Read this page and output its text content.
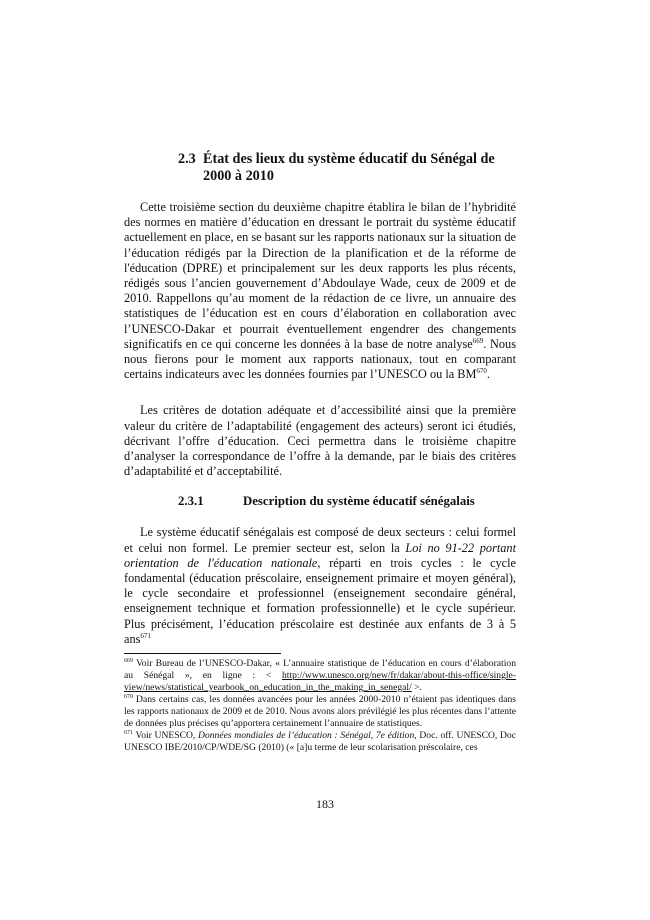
2.3 État des lieux du système éducatif du Sénégal de 2000 à 2010

Cette troisième section du deuxième chapitre établira le bilan de l’hybridité des normes en matière d’éducation en dressant le portrait du système éducatif actuellement en place, en se basant sur les rapports nationaux sur la situation de l’éducation rédigés par la Direction de la planification et de la réforme de l'éducation (DPRE) et principalement sur les deux rapports les plus récents, rédigés sous l’ancien gouvernement d’Abdoulaye Wade, ceux de 2009 et de 2010. Rappellons qu’au moment de la rédaction de ce livre, un annuaire des statistiques de l’éducation est en cours d’élaboration en collaboration avec l’UNESCO-Dakar et pourrait éventuellement engendrer des changements significatifs en ce qui concerne les données à la base de notre analyse$^{669}$. Nous nous fierons pour le moment aux rapports nationaux, tout en comparant certains indicateurs avec les données fournies par l’UNESCO ou la BM$^{670}$.

Les critères de dotation adéquate et d’accessibilité ainsi que la première valeur du critère de l’adaptabilité (engagement des acteurs) seront ici étudiés, décrivant l’offre d’éducation. Ceci permettra dans le troisième chapitre d’analyser la correspondance de l’offre à la demande, par le biais des critères d’adaptabilité et d’acceptabilité.

2.3.1	Description du système éducatif sénégalais

Le système éducatif sénégalais est composé de deux secteurs : celui formel et celui non formel. Le premier secteur est, selon la Loi no 91-22 portant orientation de l'éducation nationale, réparti en trois cycles : le cycle fondamental (éducation préscolaire, enseignement primaire et moyen général), le cycle secondaire et professionnel (enseignement secondaire général, enseignement technique et formation professionnelle) et le cycle supérieur. Plus précisément, l’éducation préscolaire est destinée aux enfants de 3 à 5 ans$^{671}$

$^{669}$ Voir Bureau de l’UNESCO-Dakar, « L’annuaire statistique de l’éducation en cours d’élaboration au Sénégal », en ligne : < http://www.unesco.org/new/fr/dakar/about-this-office/single-view/news/statistical_yearbook_on_education_in_the_making_in_senegal/ >.

$^{670}$ Dans certains cas, les données avancées pour les années 2000-2010 n’étaient pas identiques dans les rapports nationaux de 2009 et de 2010. Nous avons alors prévilégié les plus récentes dans l’attente de données plus précises qu’apportera certainement l’annuaire de statistiques.

$^{671}$ Voir UNESCO, Données mondiales de l’éducation : Sénégal, 7e édition, Doc. off. UNESCO, Doc UNESCO IBE/2010/CP/WDE/SG (2010) (« [a]u terme de leur scolarisation préscolaire, ces

183
